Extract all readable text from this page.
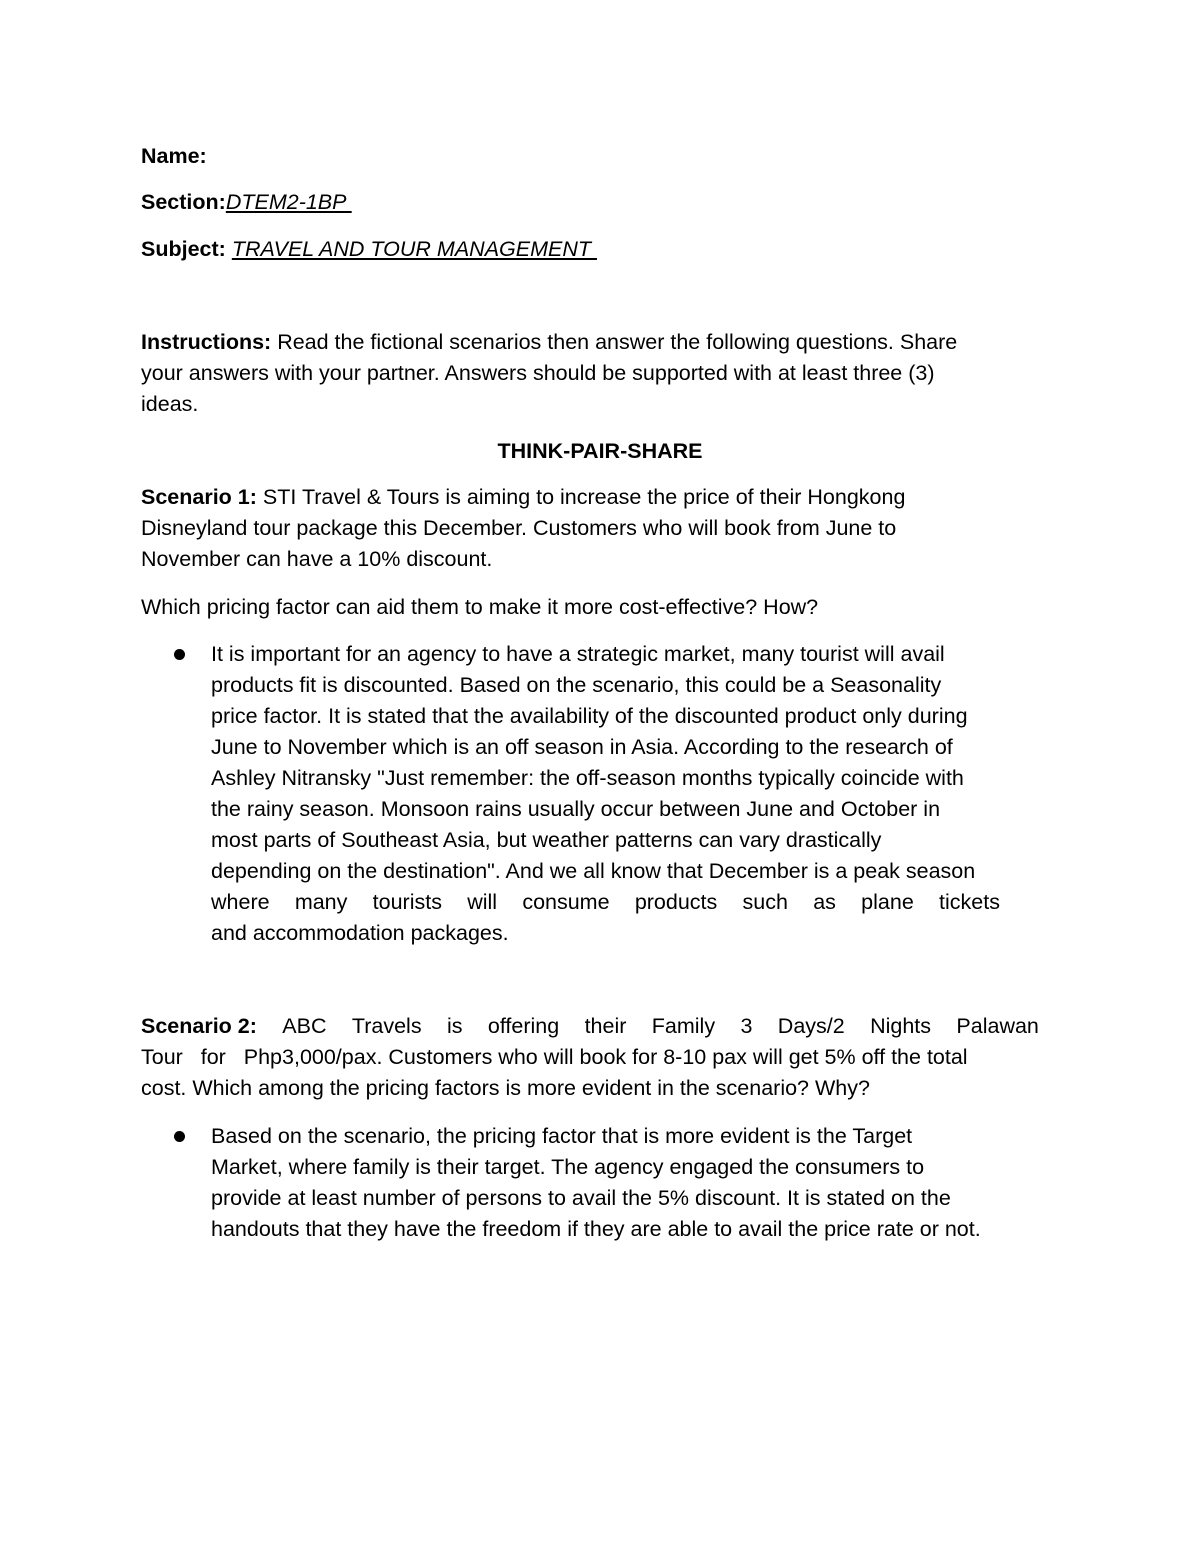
Name:
Section:DTEM2-1BP
Subject: TRAVEL AND TOUR MANAGEMENT

Instructions: Read the fictional scenarios then answer the following questions. Share

your answers with your partner. Answers should be supported with at least three (3)

ideas.

THINK-PAIR-SHARE

Scenario 1: STI Travel & Tours is aiming to increase the price of their Hongkong

Disneyland tour package this December. Customers who will book from June to

November can have a 10% discount.

Which pricing factor can aid them to make it more cost-effective? How?
It is important for an agency to have a strategic market, many tourist will avail
products fit is discounted. Based on the scenario, this could be a Seasonality
price factor. It is stated that the availability of the discounted product only during
June to November which is an off season in Asia. According to the research of
Ashley Nitransky "Just remember: the off-season months typically coincide with
the rainy season. Monsoon rains usually occur between June and October in
most parts of Southeast Asia, but weather patterns can vary drastically
depending on the destination". And we all know that December is a peak season
where many tourists will consume products such as plane tickets
and accommodation packages.
Scenario 2: ABC Travels is offering their Family 3 Days/2 Nights Palawan
Tour   for   Php3,000/pax. Customers who will book for 8-10 pax will get 5% off the total
cost. Which among the pricing factors is more evident in the scenario? Why?
Based on the scenario, the pricing factor that is more evident is the Target
Market, where family is their target. The agency engaged the consumers to
provide at least number of persons to avail the 5% discount. It is stated on the
handouts that they have the freedom if they are able to avail the price rate or not.
